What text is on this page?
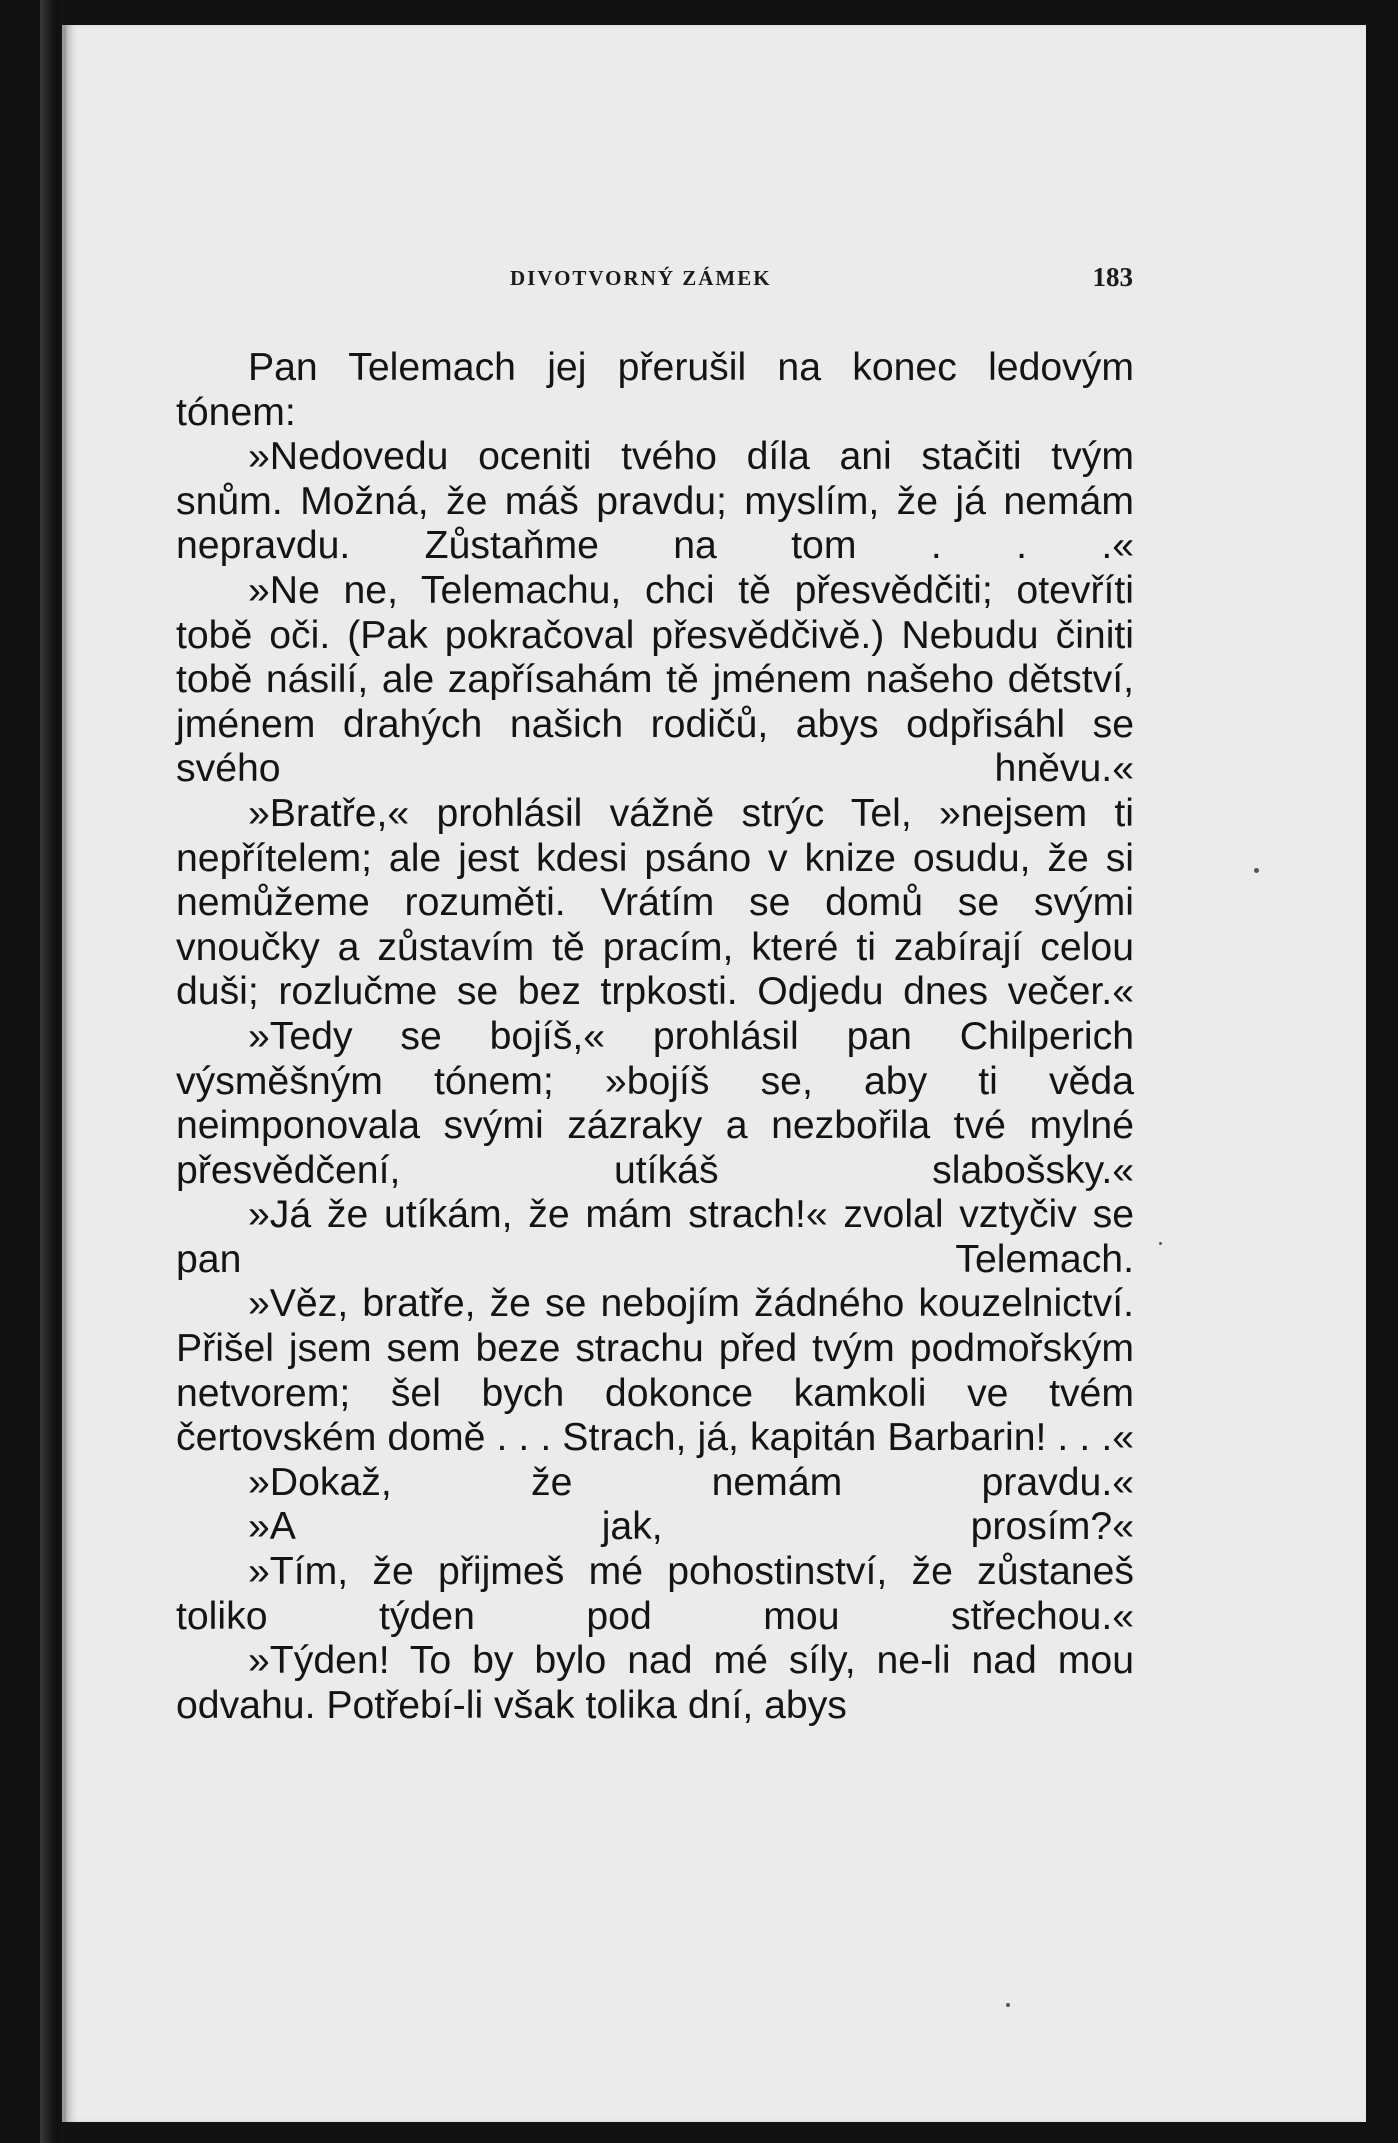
DIVOTVORNÝ ZÁMEK	183

Pan Telemach jej přerušil na konec ledovým tónem:

»Nedovedu oceniti tvého díla ani stačiti tvým snům. Možná, že máš pravdu; myslím, že já nemám nepravdu. Zůstaňme na tom . . .«

»Ne ne, Telemachu, chci tě přesvědčiti; otevříti tobě oči. (Pak pokračoval přesvědčivě.) Nebudu činiti tobě násilí, ale zapřísahám tě jménem našeho dětství, jménem drahých našich rodičů, abys odpřisáhl se svého hněvu.«

»Bratře,« prohlásil vážně strýc Tel, »nejsem ti nepřítelem; ale jest kdesi psáno v knize osudu, že si nemůžeme rozuměti. Vrátím se domů se svými vnoučky a zůstavím tě pracím, které ti zabírají celou duši; rozlučme se bez trpkosti. Odjedu dnes večer.«

»Tedy se bojíš,« prohlásil pan Chilperich výsměšným tónem; »bojíš se, aby ti věda neimponovala svými zázraky a nezbořila tvé mylné přesvědčení, utíkáš slabošsky.«

»Já že utíkám, že mám strach!« zvolal vztyčiv se pan Telemach.

»Věz, bratře, že se nebojím žádného kouzelnictví. Přišel jsem sem beze strachu před tvým podmořským netvorem; šel bych dokonce kamkoli ve tvém čertovském domě . . . Strach, já, kapitán Barbarin! . . .«

»Dokaž, že nemám pravdu.«

»A jak, prosím?«

»Tím, že přijmeš mé pohostinství, že zůstaneš toliko týden pod mou střechou.«

»Týden! To by bylo nad mé síly, ne-li nad mou odvahu. Potřebí-li však tolika dní, abys
